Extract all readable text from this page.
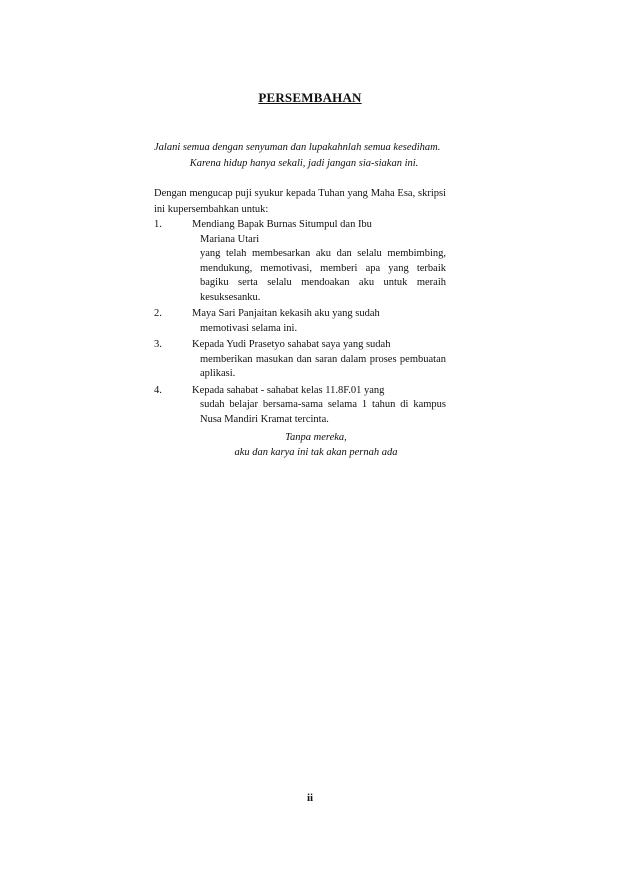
PERSEMBAHAN
Jalani semua dengan senyuman dan lupakahnlah semua kesediham.
Karena hidup hanya sekali, jadi jangan sia-siakan ini.
Dengan mengucap puji syukur kepada Tuhan yang Maha Esa, skripsi ini kupersembahkan untuk:
1.	Mendiang Bapak Burnas Situmpul dan Ibu
Mariana Utari
yang telah membesarkan aku dan selalu membimbing, mendukung, memotivasi, memberi apa yang terbaik bagiku serta selalu mendoakan aku untuk meraih kesuksesanku.
2.	Maya Sari Panjaitan kekasih aku yang sudah
memotivasi selama ini.
3.	Kepada Yudi Prasetyo sahabat saya yang sudah
memberikan masukan dan saran dalam proses pembuatan aplikasi.
4.	Kepada sahabat - sahabat kelas 11.8F.01 yang
sudah belajar bersama-sama selama 1 tahun di kampus Nusa Mandiri Kramat tercinta.
Tanpa mereka,
aku dan karya ini tak akan pernah ada
ii
